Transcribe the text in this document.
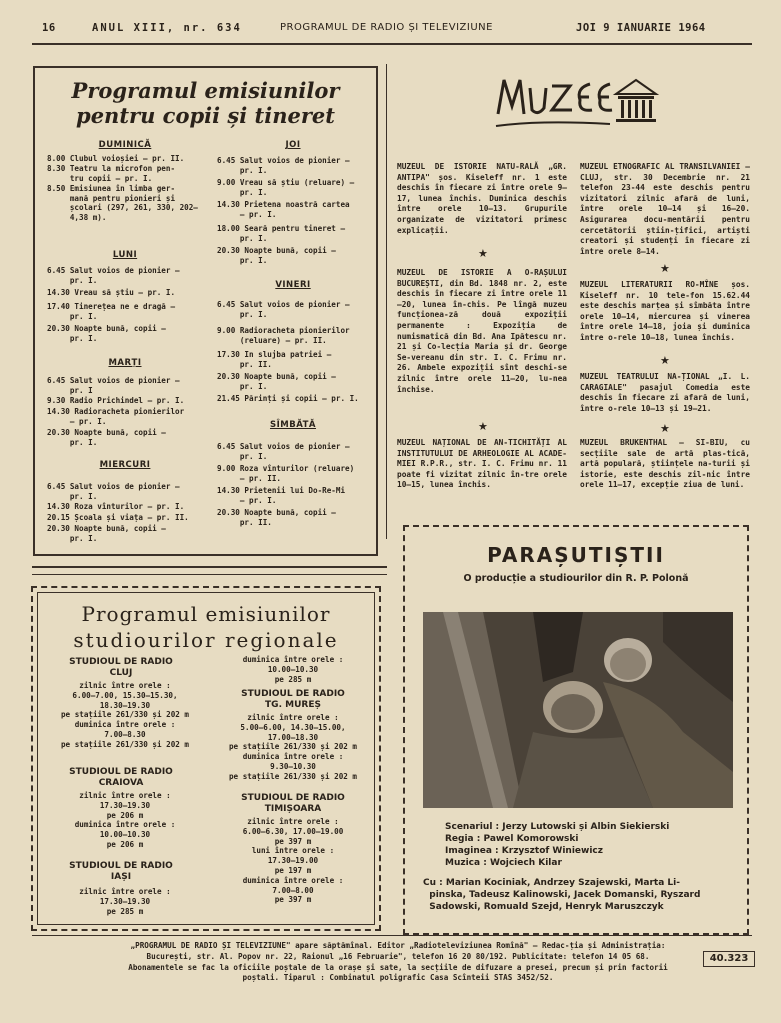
16	ANUL XIII, nr. 634	PROGRAMUL DE RADIO ȘI TELEVIZIUNE	JOI 9 IANUARIE 1964
Programul emisiunilor
pentru copii și tineret
DUMINICĂ
8.00 Clubul voioșiei — pr. II.
8.30 Teatru la microfon pen-
tru copii — pr. I.
8.50 Emisiunea în limba ger-
mană pentru pionieri și
școlari (297, 261, 330, 202—
4,38 m).
LUNI
6.45 Salut voios de pionier —
pr. I.
14.30 Vreau să știu — pr. I.
17.40 Tinerețea ne e dragă —
pr. I.
20.30 Noapte bună, copii —
pr. I.
MARȚI
6.45 Salut voios de pionier —
pr. I
9.30 Radio Prichindel — pr. I.
14.30 Radiorachetа pionierilor
— pr. I.
20.30 Noapte bună, copii —
pr. I.
MIERCURI
6.45 Salut voios de pionier —
pr. I.
14.30 Roza vînturilor — pr. I.
20.15 Școala și viața — pr. II.
20.30 Noapte bună, copii —
pr. I.
JOI
6.45 Salut voios de pionier —
pr. I.
9.00 Vreau să știu (reluare) —
pr. I.
14.30 Prietena noastră cartea
— pr. I.
18.00 Seară pentru tineret —
pr. I.
20.30 Noapte bună, copii —
pr. I.
VINERI
6.45 Salut voios de pionier —
pr. I.
9.00 Radiorachetа pionierilor
(reluare) — pr. II.
17.30 In slujba patriei —
pr. II.
20.30 Noapte bună, copii —
pr. I.
21.45 Părinți și copii — pr. I.
SÎMBĂTĂ
6.45 Salut voios de pionier —
pr. I.
9.00 Roza vînturilor (reluare)
— pr. II.
14.30 Prietenii lui Do-Re-Mi
— pr. I.
20.30 Noapte bună, copii —
pr. II.
Programul emisiunilor
studiourilor regionale
STUDIOUL DE RADIO
CLUJ
zilnic între orele :
6.00—7.00, 15.30—15.30,
18.30—19.30
pe stațiile 261/330 și 202 m
duminica între orele :
7.00—8.30
pe stațiile 261/330 și 202 m
STUDIOUL DE RADIO
CRAIOVA
zilnic între orele :
17.30—19.30
pe 206 m
duminica între orele :
10.00—10.30
pe 206 m
STUDIOUL DE RADIO
IAȘI
zilnic între orele :
17.30—19.30
pe 285 m
duminica între orele :
10.00—10.30
pe 285 m
STUDIOUL DE RADIO
TG. MUREȘ
zilnic între orele :
5.00—6.00, 14.30—15.00,
17.00—18.30
pe stațiile 261/330 și 202 m
duminica între orele :
9.30—10.30
pe stațiile 261/330 și 202 m
STUDIOUL DE RADIO
TIMIȘOARA
zilnic între orele :
6.00—6.30, 17.00—19.00
pe 397 m
luni între orele :
17.30—19.00
pe 197 m
duminica între orele :
7.00—8.00
pe 397 m
MUZEUL DE ISTORIE NATU-RALĂ „GR. ANTIPA" șos. Kiseleff nr. 1 este deschis în fiecare zi între orele 9—17, lunea închis. Duminica deschis între orele 10—13. Grupurile organizate de vizitatori primesc explicații.
★
MUZEUL DE ISTORIE A O-RAȘULUI BUCUREȘTI, din Bd. 1848 nr. 2, este deschis în fiecare zi între orele 11—20, lunea în-chis. Pe lîngă muzeu funcționea-ză două expoziții permanente : Expoziția de numismatică din Bd. Ana Ipătescu nr. 21 și Co-lecția Maria și dr. George Se-vereanu din str. I. C. Frimu nr. 26. Ambele expoziții sînt deschi-se zilnic între orele 11—20, lu-nea închise.
★
MUZEUL NAȚIONAL DE AN-TICHITĂȚI AL INSTITUTULUI DE ARHEOLOGIE AL ACADE-MIEI R.P.R., str. I. C. Frimu nr. 11 poate fi vizitat zilnic în-tre orele 10—15, lunea închis.
MUZEUL ETNOGRAFIC AL TRANSILVANIEI — CLUJ, str. 30 Decembrie nr. 21 telefon 23-44 este deschis pentru vizitatori zilnic afară de luni, între orele 10—14 și 16—20. Asigurarea docu-mentării pentru cercetătorii știin-țifici, artiști creatori și studenți în fiecare zi între orele 8—14.
★
MUZEUL LITERATURII RO-MÎNE șos. Kiseleff nr. 10 tele-fon 15.62.44 este deschis marțea și sîmbăta între orele 10—14, miercurea și vinerea între orele 14—18, joia și duminica între o-rele 10—18, lunea închis.
★
MUZEUL TEATRULUI NA-ȚIONAL „I. L. CARAGIALE" pasajul Comedia este deschis în fiecare zi afară de luni, între o-rele 10—13 și 19—21.
★
MUZEUL BRUKENTHAL — SI-BIU, cu secțiile sale de artă plas-tică, artă populară, științele na-turii și istorie, este deschis zil-nic între orele 11—17, excepție ziua de luni.
PARAȘUTIȘTII
O producție a studiourilor din R. P. Polonă
Scenariul : Jerzy Lutowski și Albin Siekierski
Regia : Pawel Komorowski
Imaginea : Krzysztof Winiewicz
Muzica : Wojciech Kilar
Cu : Marian Kociniak, Andrzey Szajewski, Marta Li-
pinska, Tadeusz Kalinowski, Jacek Domanski, Ryszard
Sadowski, Romuald Szejd, Henryk Maruszczyk
„PROGRAMUL DE RADIO ȘI TELEVIZIUNE" apare săptămînal. Editor „Radioteleviziunea Romînă" – Redac-ția și Administrația: București, str. Al. Popov nr. 22, Raionul „16 Februarie", telefon 16 20 80/192. Publicitate: telefon 14 05 68. Abonamentele se fac la oficiile poștale de la orașe și sate, la secțiile de difuzare a presei, precum și prin factorii poștali. Tiparul : Combinatul poligrafic Casa Scînteii STAS 3452/52.
40.323
